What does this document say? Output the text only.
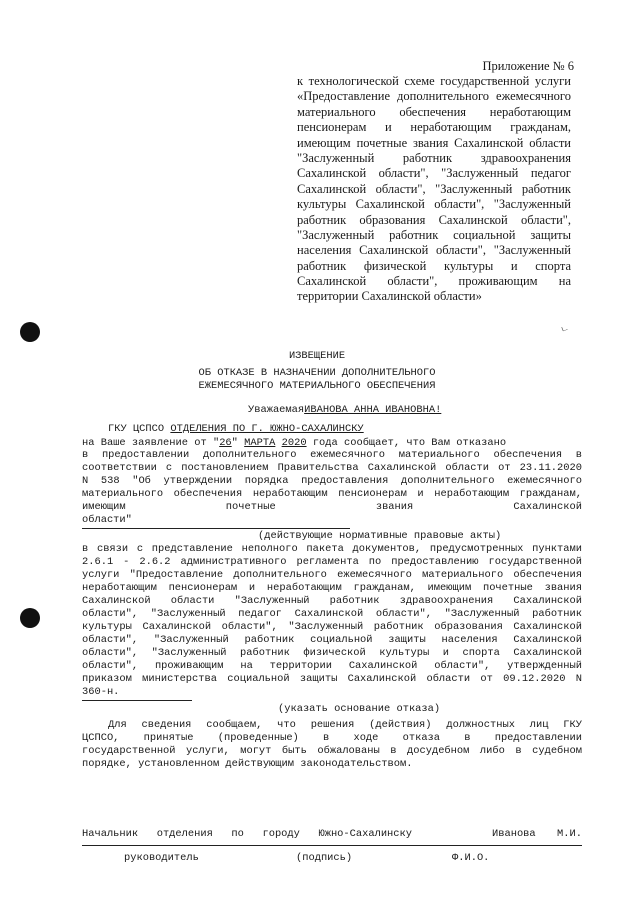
ㄴ
Приложение № 6
к технологической схеме государственной услуги
«Предоставление дополнительного ежемесячного
материального обеспечения неработающим
пенсионерам и неработающим гражданам,
имеющим почетные звания Сахалинской области
"Заслуженный работник здравоохранения
Сахалинской области", "Заслуженный педагог
Сахалинской области", "Заслуженный работник
культуры Сахалинской области", "Заслуженный
работник образования Сахалинской области",
"Заслуженный работник социальной защиты
населения Сахалинской области", "Заслуженный
работник физической культуры и спорта
Сахалинской области", проживающим на
территории Сахалинской области»
ИЗВЕЩЕНИЕ
ОБ ОТКАЗЕ В НАЗНАЧЕНИИ ДОПОЛНИТЕЛЬНОГО
ЕЖЕМЕСЯЧНОГО МАТЕРИАЛЬНОГО ОБЕСПЕЧЕНИЯ
УважаемаяИВАНОВА АННА ИВАНОВНА!
ГКУ ЦСПСО ОТДЕЛЕНИЯ ПО Г. ЮЖНО-САХАЛИНСКУ
на Ваше заявление от "26" МАРТА 2020 года сообщает, что Вам отказано
в предоставлении дополнительного ежемесячного материального обеспечения в
соответствии с постановлением Правительства Сахалинской области от 23.11.2020
N 538 "Об утверждении порядка предоставления дополнительного ежемесячного
материального обеспечения неработающим пенсионерам и неработающим гражданам,
имеющим почетные звания Сахалинской
области"
(действующие нормативные правовые акты)
в связи с представление неполного пакета документов, предусмотренных пунктами
2.6.1 - 2.6.2 административного регламента по предоставлению государственной
услуги "Предоставление дополнительного ежемесячного материального обеспечения
неработающим пенсионерам и неработающим гражданам, имеющим почетные звания
Сахалинской области "Заслуженный работник здравоохранения Сахалинской
области", "Заслуженный педагог Сахалинской области", "Заслуженный работник
культуры Сахалинской области", "Заслуженный работник образования Сахалинской
области", "Заслуженный работник социальной защиты населения Сахалинской
области", "Заслуженный работник физической культуры и спорта Сахалинской
области", проживающим на территории Сахалинской области", утвержденный
приказом министерства социальной защиты Сахалинской области от 09.12.2020 N
360-н.
(указать основание отказа)
Для сведения сообщаем, что решения (действия) должностных лиц ГКУ
ЦСПСО, принятые (проведенные) в ходе отказа в предоставлении
государственной услуги, могут быть обжалованы в досудебном либо в судебном
порядке, установленном действующим законодательством.
Начальник отделения по городу Южно-Сахалинску	Иванова М.И.
руководитель	(подпись)	Ф.И.О.
